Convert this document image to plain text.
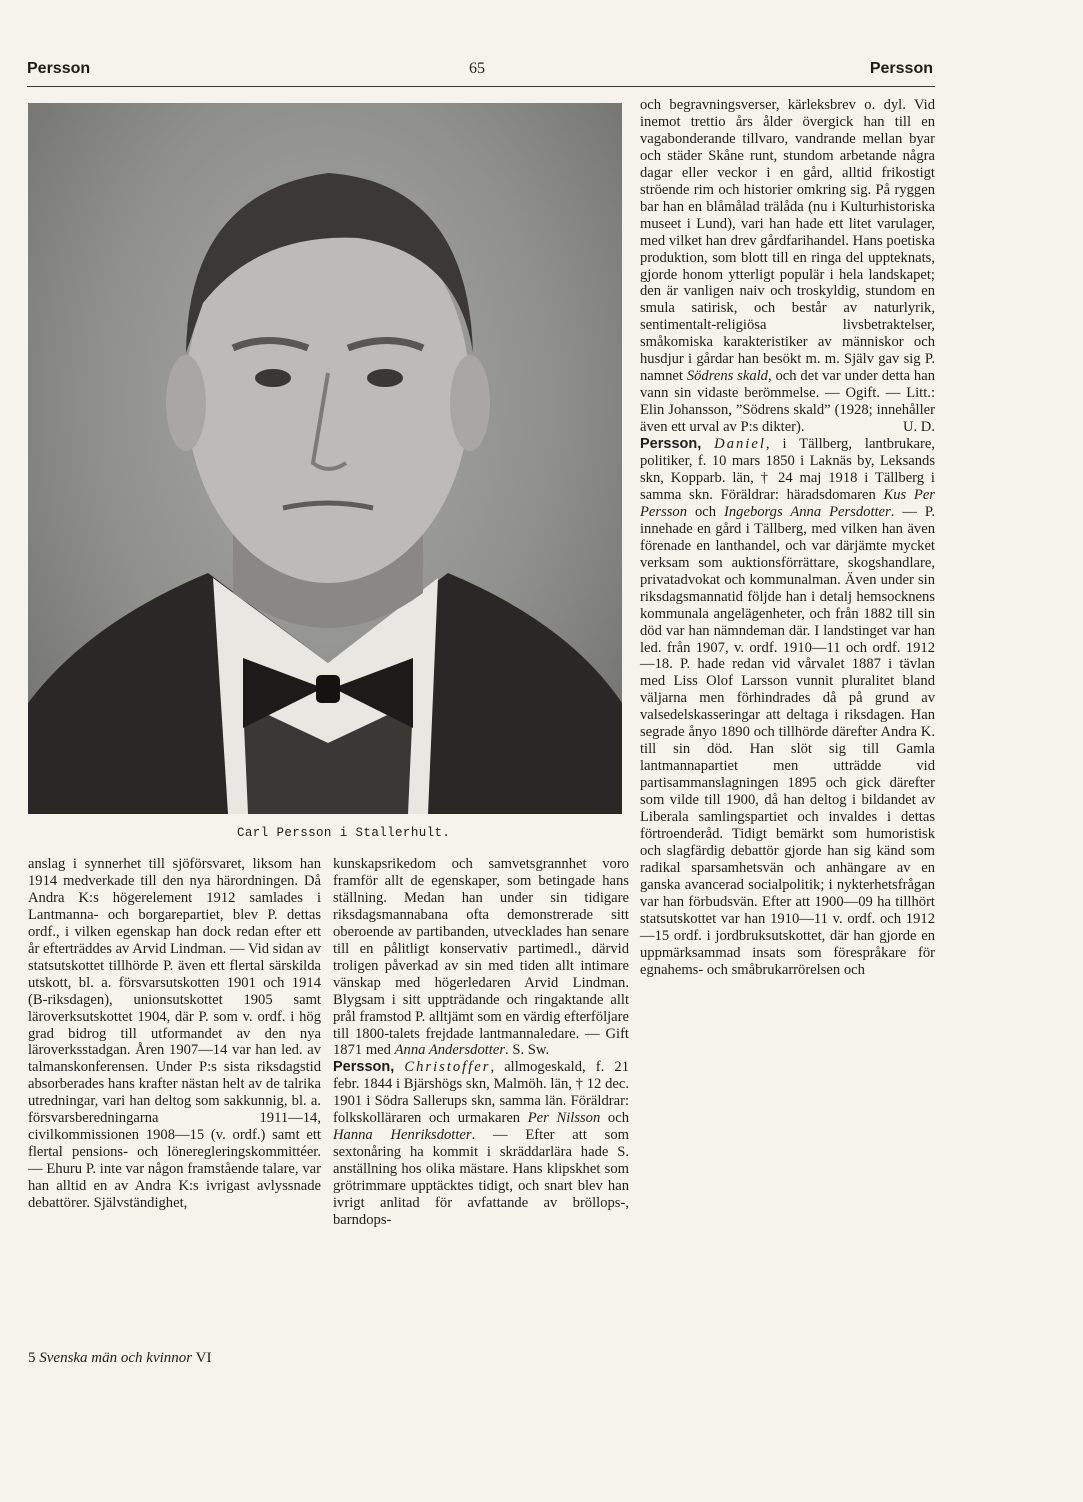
Persson	65	Persson
Carl Persson i Stallerhult.

anslag i synnerhet till sjöförsvaret, liksom han 1914 medverkade till den nya härordningen. Då Andra K:s högerelement 1912 samlades i Lantmanna- och borgarepartiet, blev P. dettas ordf., i vilken egenskap han dock redan efter ett år efterträddes av Arvid Lindman. — Vid sidan av statsutskottet tillhörde P. även ett flertal särskilda utskott, bl. a. försvarsutskotten 1901 och 1914 (B-riksdagen), unionsutskottet 1905 samt läroverksutskottet 1904, där P. som v. ordf. i hög grad bidrog till utformandet av den nya läroverksstadgan. Åren 1907—14 var han led. av talmanskonferensen. Under P:s sista riksdagstid absorberades hans krafter nästan helt av de talrika utredningar, vari han deltog som sakkunnig, bl. a. försvarsberedningarna 1911—14, civilkommissionen 1908—15 (v. ordf.) samt ett flertal pensions- och löneregleringskommittéer. — Ehuru P. inte var någon framstående talare, var han alltid en av Andra K:s ivrigast avlyssnade debattörer. Självständighet,

kunskapsrikedom och samvetsgrannhet voro framför allt de egenskaper, som betingade hans ställning. Medan han under sin tidigare riksdagsmannabana ofta demonstrerade sitt oberoende av partibanden, utvecklades han senare till en pålitligt konservativ partimedl., därvid troligen påverkad av sin med tiden allt intimare vänskap med högerledaren Arvid Lindman. Blygsam i sitt uppträdande och ringaktande allt prål framstod P. alltjämt som en värdig efterföljare till 1800-talets frejdade lantmannaledare. — Gift 1871 med Anna Andersdotter. S. Sw.

Persson, Christoffer, allmogeskald, f. 21 febr. 1844 i Bjärshögs skn, Malmöh. län, † 12 dec. 1901 i Södra Sallerups skn, samma län. Föräldrar: folkskolläraren och urmakaren Per Nilsson och Hanna Henriksdotter. — Efter att som sextonåring ha kommit i skräddarlära hade S. anställning hos olika mästare. Hans klipskhet som grötrimmare upptäcktes tidigt, och snart blev han ivrigt anlitad för avfattande av bröllops-, barndops-

och begravningsverser, kärleksbrev o. dyl. Vid inemot trettio års ålder övergick han till en vagabonderande tillvaro, vandrande mellan byar och städer Skåne runt, stundom arbetande några dagar eller veckor i en gård, alltid frikostigt ströende rim och historier omkring sig. På ryggen bar han en blåmålad trälåda (nu i Kulturhistoriska museet i Lund), vari han hade ett litet varulager, med vilket han drev gårdfarihandel. Hans poetiska produktion, som blott till en ringa del uppteknats, gjorde honom ytterligt populär i hela landskapet; den är vanligen naiv och troskyldig, stundom en smula satirisk, och består av naturlyrik, sentimentalt-religiösa livsbetraktelser, småkomiska karakteristiker av människor och husdjur i gårdar han besökt m. m. Själv gav sig P. namnet Södrens skald, och det var under detta han vann sin vidaste berömmelse. — Ogift. — Litt.: Elin Johansson, ”Södrens skald” (1928; innehåller även ett urval av P:s dikter).	U. D.

Persson, Daniel, i Tällberg, lantbrukare, politiker, f. 10 mars 1850 i Laknäs by, Leksands skn, Kopparb. län, † 24 maj 1918 i Tällberg i samma skn. Föräldrar: häradsdomaren Kus Per Persson och Ingeborgs Anna Persdotter. — P. innehade en gård i Tällberg, med vilken han även förenade en lanthandel, och var därjämte mycket verksam som auktionsförrättare, skogshandlare, privatadvokat och kommunalman. Även under sin riksdagsmannatid följde han i detalj hemsocknens kommunala angelägenheter, och från 1882 till sin död var han nämndeman där. I landstinget var han led. från 1907, v. ordf. 1910—11 och ordf. 1912—18. P. hade redan vid vårvalet 1887 i tävlan med Liss Olof Larsson vunnit pluralitet bland väljarna men förhindrades då på grund av valsedelskasseringar att deltaga i riksdagen. Han segrade ånyo 1890 och tillhörde därefter Andra K. till sin död. Han slöt sig till Gamla lantmannapartiet men utträdde vid partisammanslagningen 1895 och gick därefter som vilde till 1900, då han deltog i bildandet av Liberala samlingspartiet och invaldes i dettas förtroenderåd. Tidigt bemärkt som humoristisk och slagfärdig debattör gjorde han sig känd som radikal sparsamhetsvän och anhängare av en ganska avancerad socialpolitik; i nykterhetsfrågan var han förbudsvän. Efter att 1900—09 ha tillhört statsutskottet var han 1910—11 v. ordf. och 1912—15 ordf. i jordbruksutskottet, där han gjorde en uppmärksammad insats som förespråkare för egnahems- och småbrukarrörelsen och

5 Svenska män och kvinnor VI
